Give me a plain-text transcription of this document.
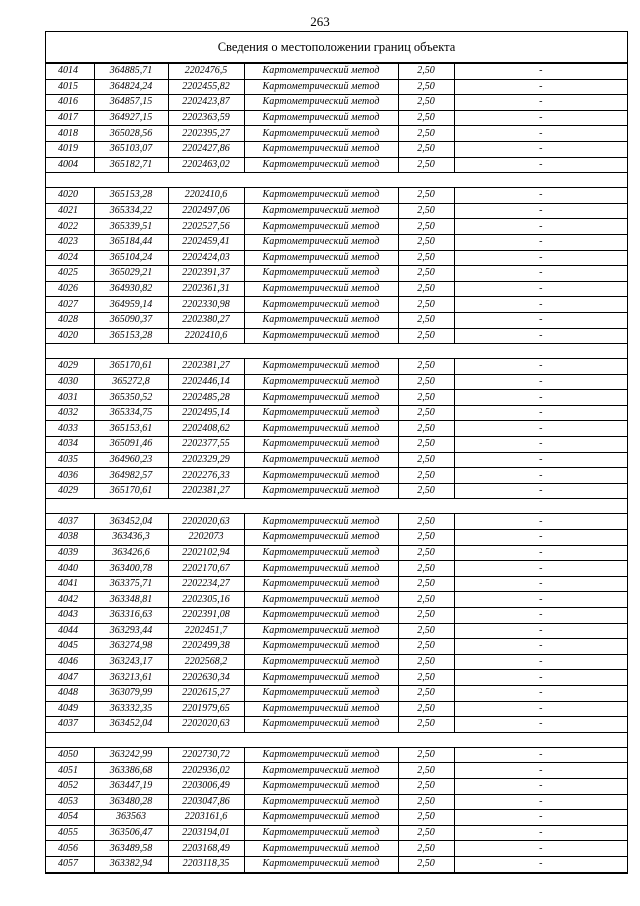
263
Сведения о местоположении границ объекта
4014	364885,71	2202476,5	Картометрический метод	2,50	-
4015	364824,24	2202455,82	Картометрический метод	2,50	-
4016	364857,15	2202423,87	Картометрический метод	2,50	-
4017	364927,15	2202363,59	Картометрический метод	2,50	-
4018	365028,56	2202395,27	Картометрический метод	2,50	-
4019	365103,07	2202427,86	Картометрический метод	2,50	-
4004	365182,71	2202463,02	Картометрический метод	2,50	-

4020	365153,28	2202410,6	Картометрический метод	2,50	-
4021	365334,22	2202497,06	Картометрический метод	2,50	-
4022	365339,51	2202527,56	Картометрический метод	2,50	-
4023	365184,44	2202459,41	Картометрический метод	2,50	-
4024	365104,24	2202424,03	Картометрический метод	2,50	-
4025	365029,21	2202391,37	Картометрический метод	2,50	-
4026	364930,82	2202361,31	Картометрический метод	2,50	-
4027	364959,14	2202330,98	Картометрический метод	2,50	-
4028	365090,37	2202380,27	Картометрический метод	2,50	-
4020	365153,28	2202410,6	Картометрический метод	2,50	-

4029	365170,61	2202381,27	Картометрический метод	2,50	-
4030	365272,8	2202446,14	Картометрический метод	2,50	-
4031	365350,52	2202485,28	Картометрический метод	2,50	-
4032	365334,75	2202495,14	Картометрический метод	2,50	-
4033	365153,61	2202408,62	Картометрический метод	2,50	-
4034	365091,46	2202377,55	Картометрический метод	2,50	-
4035	364960,23	2202329,29	Картометрический метод	2,50	-
4036	364982,57	2202276,33	Картометрический метод	2,50	-
4029	365170,61	2202381,27	Картометрический метод	2,50	-

4037	363452,04	2202020,63	Картометрический метод	2,50	-
4038	363436,3	2202073	Картометрический метод	2,50	-
4039	363426,6	2202102,94	Картометрический метод	2,50	-
4040	363400,78	2202170,67	Картометрический метод	2,50	-
4041	363375,71	2202234,27	Картометрический метод	2,50	-
4042	363348,81	2202305,16	Картометрический метод	2,50	-
4043	363316,63	2202391,08	Картометрический метод	2,50	-
4044	363293,44	2202451,7	Картометрический метод	2,50	-
4045	363274,98	2202499,38	Картометрический метод	2,50	-
4046	363243,17	2202568,2	Картометрический метод	2,50	-
4047	363213,61	2202630,34	Картометрический метод	2,50	-
4048	363079,99	2202615,27	Картометрический метод	2,50	-
4049	363332,35	2201979,65	Картометрический метод	2,50	-
4037	363452,04	2202020,63	Картометрический метод	2,50	-

4050	363242,99	2202730,72	Картометрический метод	2,50	-
4051	363386,68	2202936,02	Картометрический метод	2,50	-
4052	363447,19	2203006,49	Картометрический метод	2,50	-
4053	363480,28	2203047,86	Картометрический метод	2,50	-
4054	363563	2203161,6	Картометрический метод	2,50	-
4055	363506,47	2203194,01	Картометрический метод	2,50	-
4056	363489,58	2203168,49	Картометрический метод	2,50	-
4057	363382,94	2203118,35	Картометрический метод	2,50	-
